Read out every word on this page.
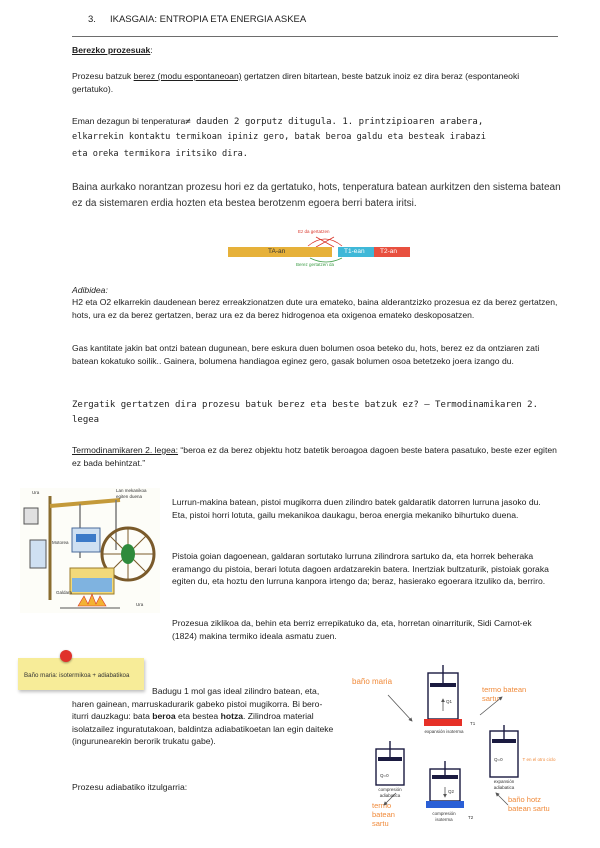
3. IKASGAIA: ENTROPIA ETA ENERGIA ASKEA
Berezko prozesuak:
Prozesu batzuk berez (modu espontaneoan) gertatzen diren bitartean, beste batzuk inoiz ez dira beraz (espontaneoki gertatuko).
Eman dezagun bi tenperatura≠ dauden 2 gorputz ditugula. 1. printzipioaren arabera,
elkarrekin kontaktu termikoan ipiniz gero, batak beroa galdu eta besteak irabazi
eta oreka termikora iritsiko dira.
Baina aurkako norantzan prozesu hori ez da gertatuko, hots, tenperatura batean aurkitzen den sistema batean ez da sistemaren erdia hozten eta bestea berotzenm egoera berri batera iritsi.
Ez da gertatzen
TA-an	T1-ean T2-an
Berez gertatzen da
Adibidea:
H2 eta O2 elkarrekin daudenean berez erreakzionatzen dute ura emateko, baina alderantzizko prozesua ez da berez gertatzen, hots, ura ez da berez gertatzen, beraz ura ez da berez hidrogenoa eta oxigenoa emateko deskoposatzen.
Gas kantitate jakin bat ontzi batean dugunean, bere eskura duen bolumen osoa beteko du, hots, berez ez da ontziaren zati batean kokatuko soilik.. Gainera, bolumena handiagoa eginez gero, gasak bolumen osoa betetzeko joera izango du.
Zergatik gertatzen dira prozesu batuk berez eta beste batzuk ez? – Termodinamikaren 2. legea
Termodinamikaren 2. legea: “beroa ez da berez objektu hotz batetik beroagoa dagoen beste batera pasatuko, beste ezer egiten ez bada behintzat.”
Ura	Lan mekanikoa egiten duena
Motorea
Galdara
Ura
Lurrun-makina batean, pistoi mugikorra duen zilindro batek galdaratik datorren lurruna jasoko du. Eta, pistoi horri lotuta, gailu mekanikoa daukagu, beroa energia mekaniko bihurtuko duena.
Pistoia goian dagoenean, galdaran sortutako lurruna zilindrora sartuko da, eta horrek beheraka eramango du pistoia, berari lotuta dagoen ardatzarekin batera. Inertziak bultzaturik, pistoiak goraka egiten du, eta hoztu den lurruna kanpora irtengo da; beraz, hasierako egoerara itzuliko da, berriro.
Prozesua ziklikoa da, behin eta berriz errepikatuko da, eta, horretan oinarriturik, Sidi Carnot-ek (1824) makina termiko ideala asmatu zuen.
Baño maria: isotermikoa + adiabatikoa
Badugu 1 mol gas ideal zilindro batean, eta, haren gainean, marruskadurarik gabeko pistoi mugikorra. Bi bero-iturri dauzkagu: bata beroa eta bestea hotza. Zilindroa material isolatzailez inguratutakoan, baldintza adiabatikoetan lan egin daiteke (ingurunearekin berorik trukatu gabe).
Prozesu adiabatiko itzulgarria:
baño maria
termo batean sartu
termo batean sartu
baño hotz batean sartu
expansión isoterma
T1
Q1
Q=0
Q=0
compresión adiabatica
expansión adiabatica
T en el otro ciclo
Q2
compresión isoterma	T2
